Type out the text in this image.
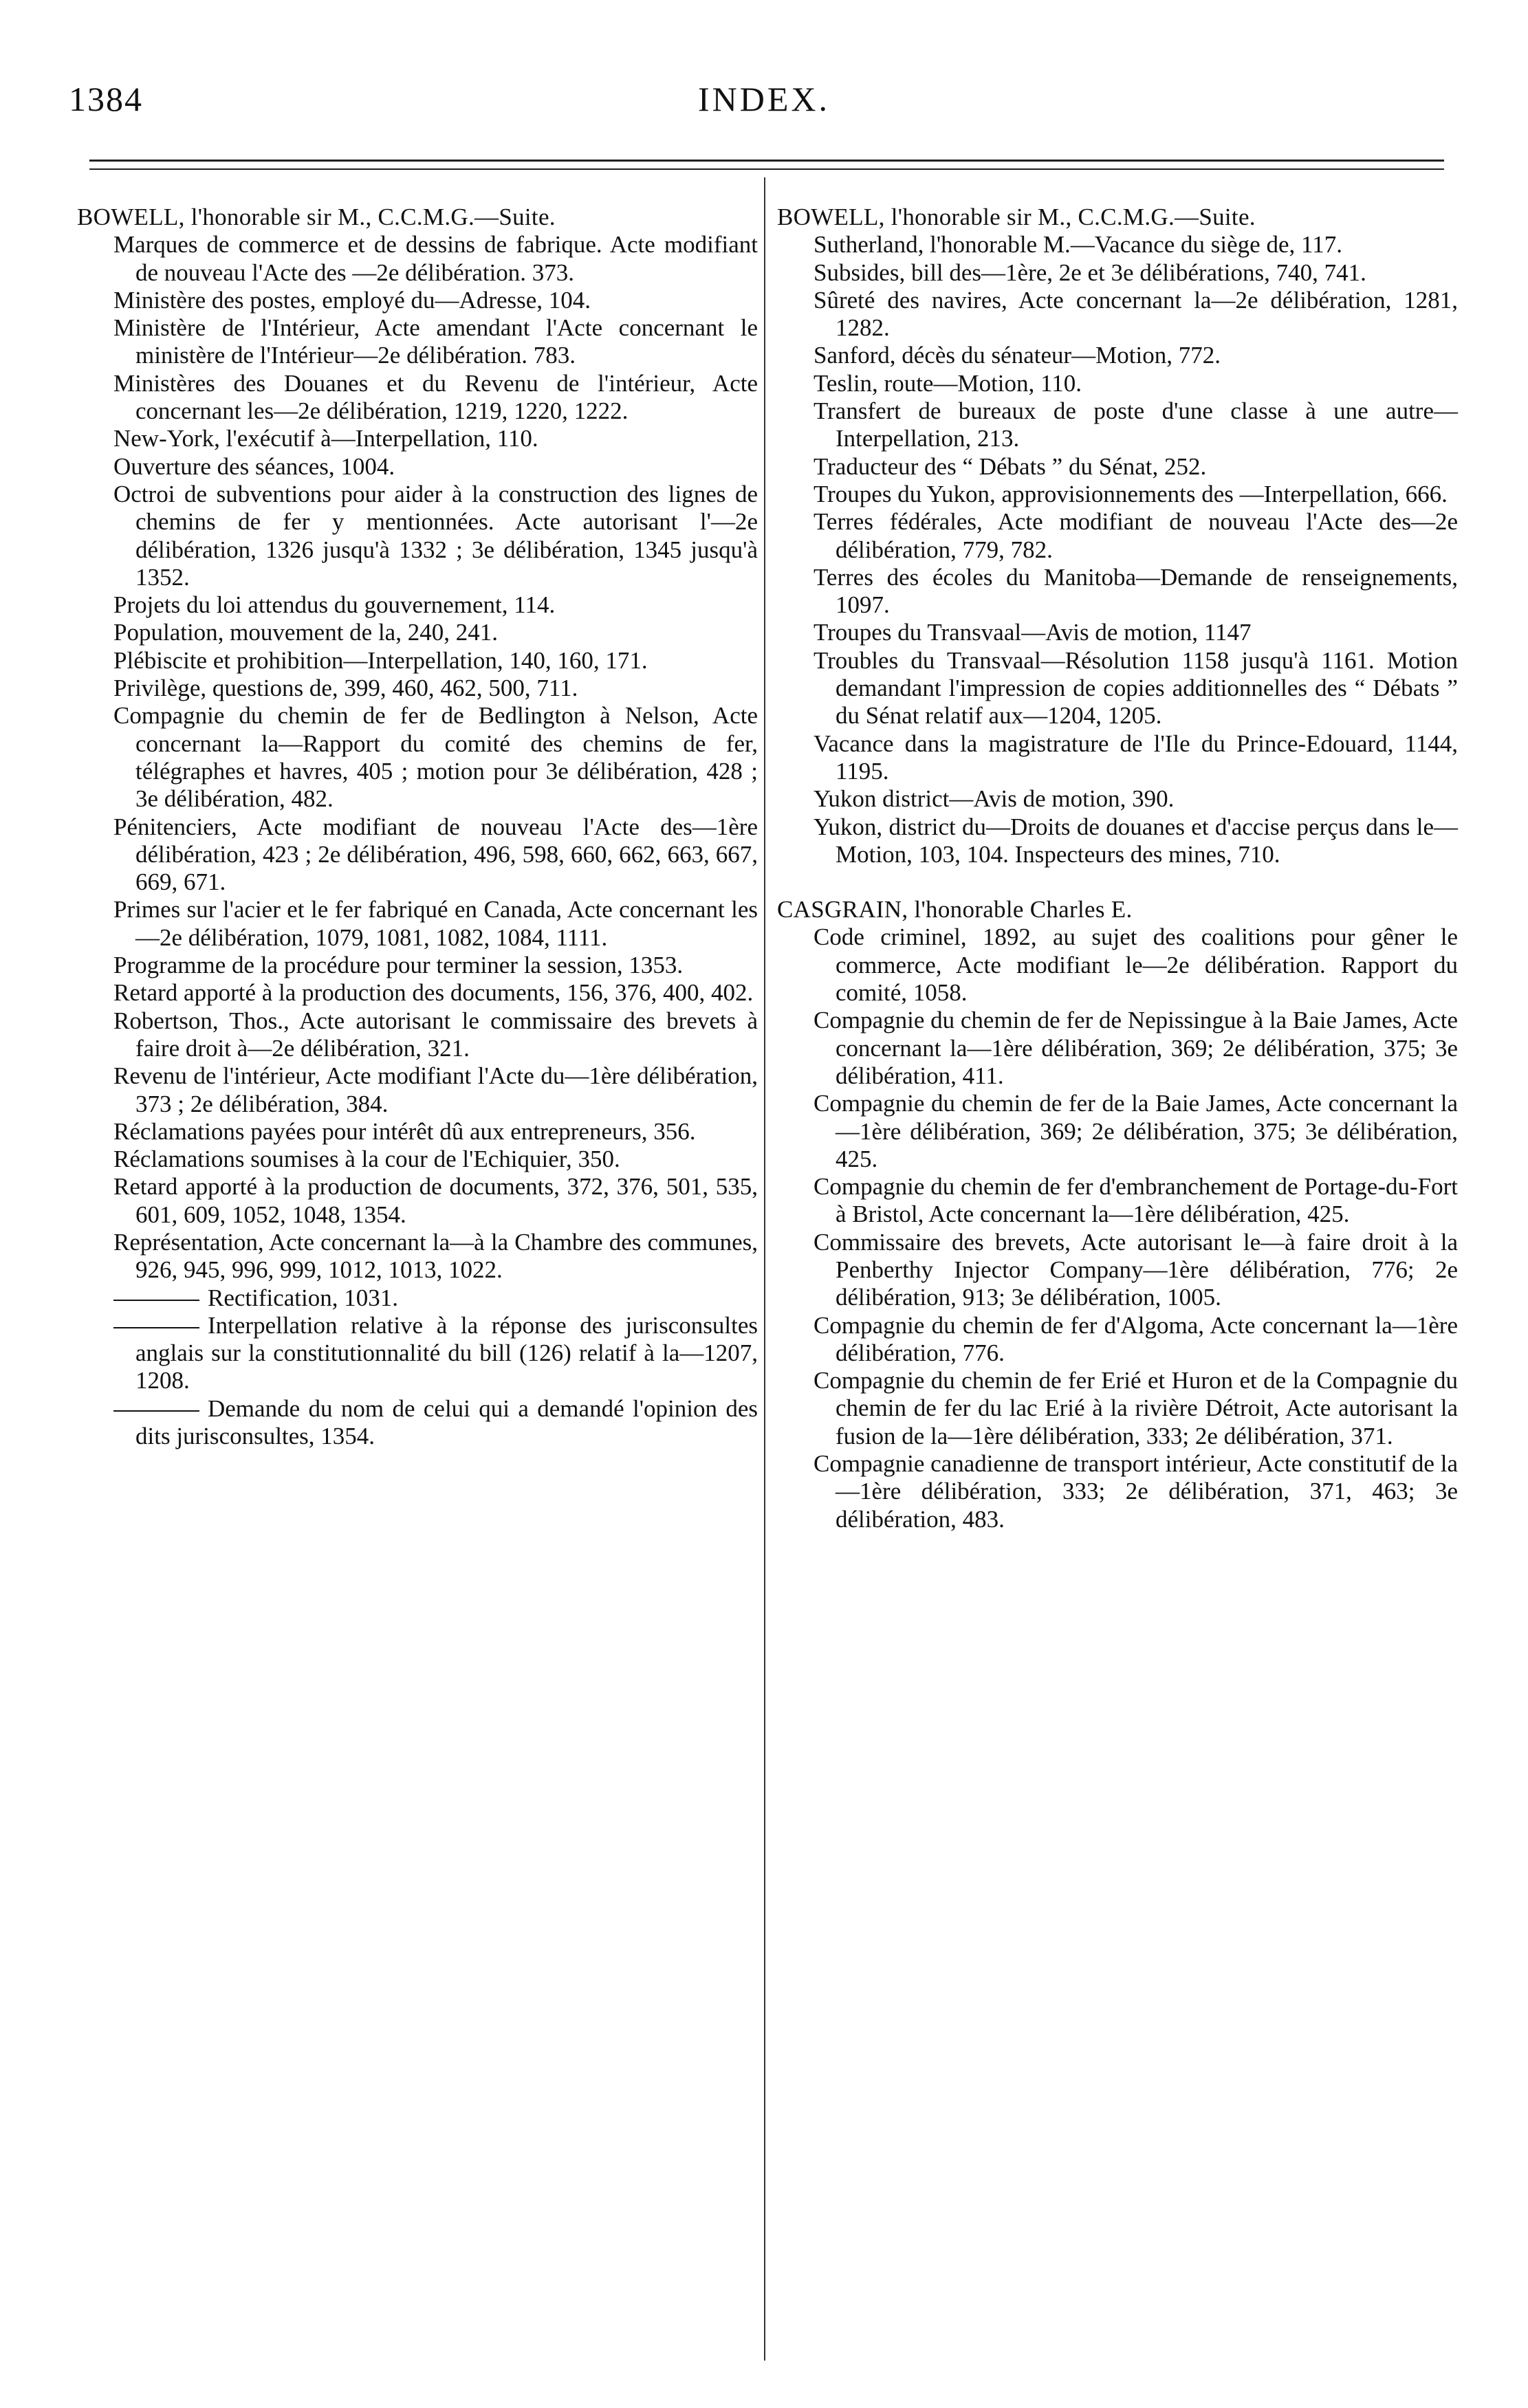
1384	INDEX.
BOWELL, l'honorable sir M., C.C.M.G.—Suite.
Marques de commerce et de dessins de fabrique. Acte modifiant de nouveau l'Acte des —2e délibération. 373.
Ministère des postes, employé du—Adresse, 104.
Ministère de l'Intérieur, Acte amendant l'Acte concernant le ministère de l'Intérieur—2e délibération. 783.
Ministères des Douanes et du Revenu de l'intérieur, Acte concernant les—2e délibération, 1219, 1220, 1222.
New-York, l'exécutif à—Interpellation, 110.
Ouverture des séances, 1004.
Octroi de subventions pour aider à la construction des lignes de chemins de fer y mentionnées. Acte autorisant l'—2e délibération, 1326 jusqu'à 1332 ; 3e délibération, 1345 jusqu'à 1352.
Projets du loi attendus du gouvernement, 114.
Population, mouvement de la, 240, 241.
Plébiscite et prohibition—Interpellation, 140, 160, 171.
Privilège, questions de, 399, 460, 462, 500, 711.
Compagnie du chemin de fer de Bedlington à Nelson, Acte concernant la—Rapport du comité des chemins de fer, télégraphes et havres, 405 ; motion pour 3e délibération, 428 ; 3e délibération, 482.
Pénitenciers, Acte modifiant de nouveau l'Acte des—1ère délibération, 423 ; 2e délibération, 496, 598, 660, 662, 663, 667, 669, 671.
Primes sur l'acier et le fer fabriqué en Canada, Acte concernant les—2e délibération, 1079, 1081, 1082, 1084, 1111.
Programme de la procédure pour terminer la session, 1353.
Retard apporté à la production des documents, 156, 376, 400, 402.
Robertson, Thos., Acte autorisant le commissaire des brevets à faire droit à—2e délibération, 321.
Revenu de l'intérieur, Acte modifiant l'Acte du—1ère délibération, 373 ; 2e délibération, 384.
Réclamations payées pour intérêt dû aux entrepreneurs, 356.
Réclamations soumises à la cour de l'Echiquier, 350.
Retard apporté à la production de documents, 372, 376, 501, 535, 601, 609, 1052, 1048, 1354.
Représentation, Acte concernant la—à la Chambre des communes, 926, 945, 996, 999, 1012, 1013, 1022.
Rectification, 1031.
Interpellation relative à la réponse des jurisconsultes anglais sur la constitutionnalité du bill (126) relatif à la—1207, 1208.
Demande du nom de celui qui a demandé l'opinion des dits jurisconsultes, 1354.
BOWELL, l'honorable sir M., C.C.M.G.—Suite.
Sutherland, l'honorable M.—Vacance du siège de, 117.
Subsides, bill des—1ère, 2e et 3e délibérations, 740, 741.
Sûreté des navires, Acte concernant la—2e délibération, 1281, 1282.
Sanford, décès du sénateur—Motion, 772.
Teslin, route—Motion, 110.
Transfert de bureaux de poste d'une classe à une autre—Interpellation, 213.
Traducteur des “ Débats ” du Sénat, 252.
Troupes du Yukon, approvisionnements des —Interpellation, 666.
Terres fédérales, Acte modifiant de nouveau l'Acte des—2e délibération, 779, 782.
Terres des écoles du Manitoba—Demande de renseignements, 1097.
Troupes du Transvaal—Avis de motion, 1147
Troubles du Transvaal—Résolution 1158 jusqu'à 1161. Motion demandant l'impression de copies additionnelles des “ Débats ” du Sénat relatif aux—1204, 1205.
Vacance dans la magistrature de l'Ile du Prince-Edouard, 1144, 1195.
Yukon district—Avis de motion, 390.
Yukon, district du—Droits de douanes et d'accise perçus dans le—Motion, 103, 104. Inspecteurs des mines, 710.
CASGRAIN, l'honorable Charles E.
Code criminel, 1892, au sujet des coalitions pour gêner le commerce, Acte modifiant le—2e délibération. Rapport du comité, 1058.
Compagnie du chemin de fer de Nepissingue à la Baie James, Acte concernant la—1ère délibération, 369; 2e délibération, 375; 3e délibération, 411.
Compagnie du chemin de fer de la Baie James, Acte concernant la—1ère délibération, 369; 2e délibération, 375; 3e délibération, 425.
Compagnie du chemin de fer d'embranchement de Portage-du-Fort à Bristol, Acte concernant la—1ère délibération, 425.
Commissaire des brevets, Acte autorisant le—à faire droit à la Penberthy Injector Company—1ère délibération, 776; 2e délibération, 913; 3e délibération, 1005.
Compagnie du chemin de fer d'Algoma, Acte concernant la—1ère délibération, 776.
Compagnie du chemin de fer Erié et Huron et de la Compagnie du chemin de fer du lac Erié à la rivière Détroit, Acte autorisant la fusion de la—1ère délibération, 333; 2e délibération, 371.
Compagnie canadienne de transport intérieur, Acte constitutif de la—1ère délibération, 333; 2e délibération, 371, 463; 3e délibération, 483.
